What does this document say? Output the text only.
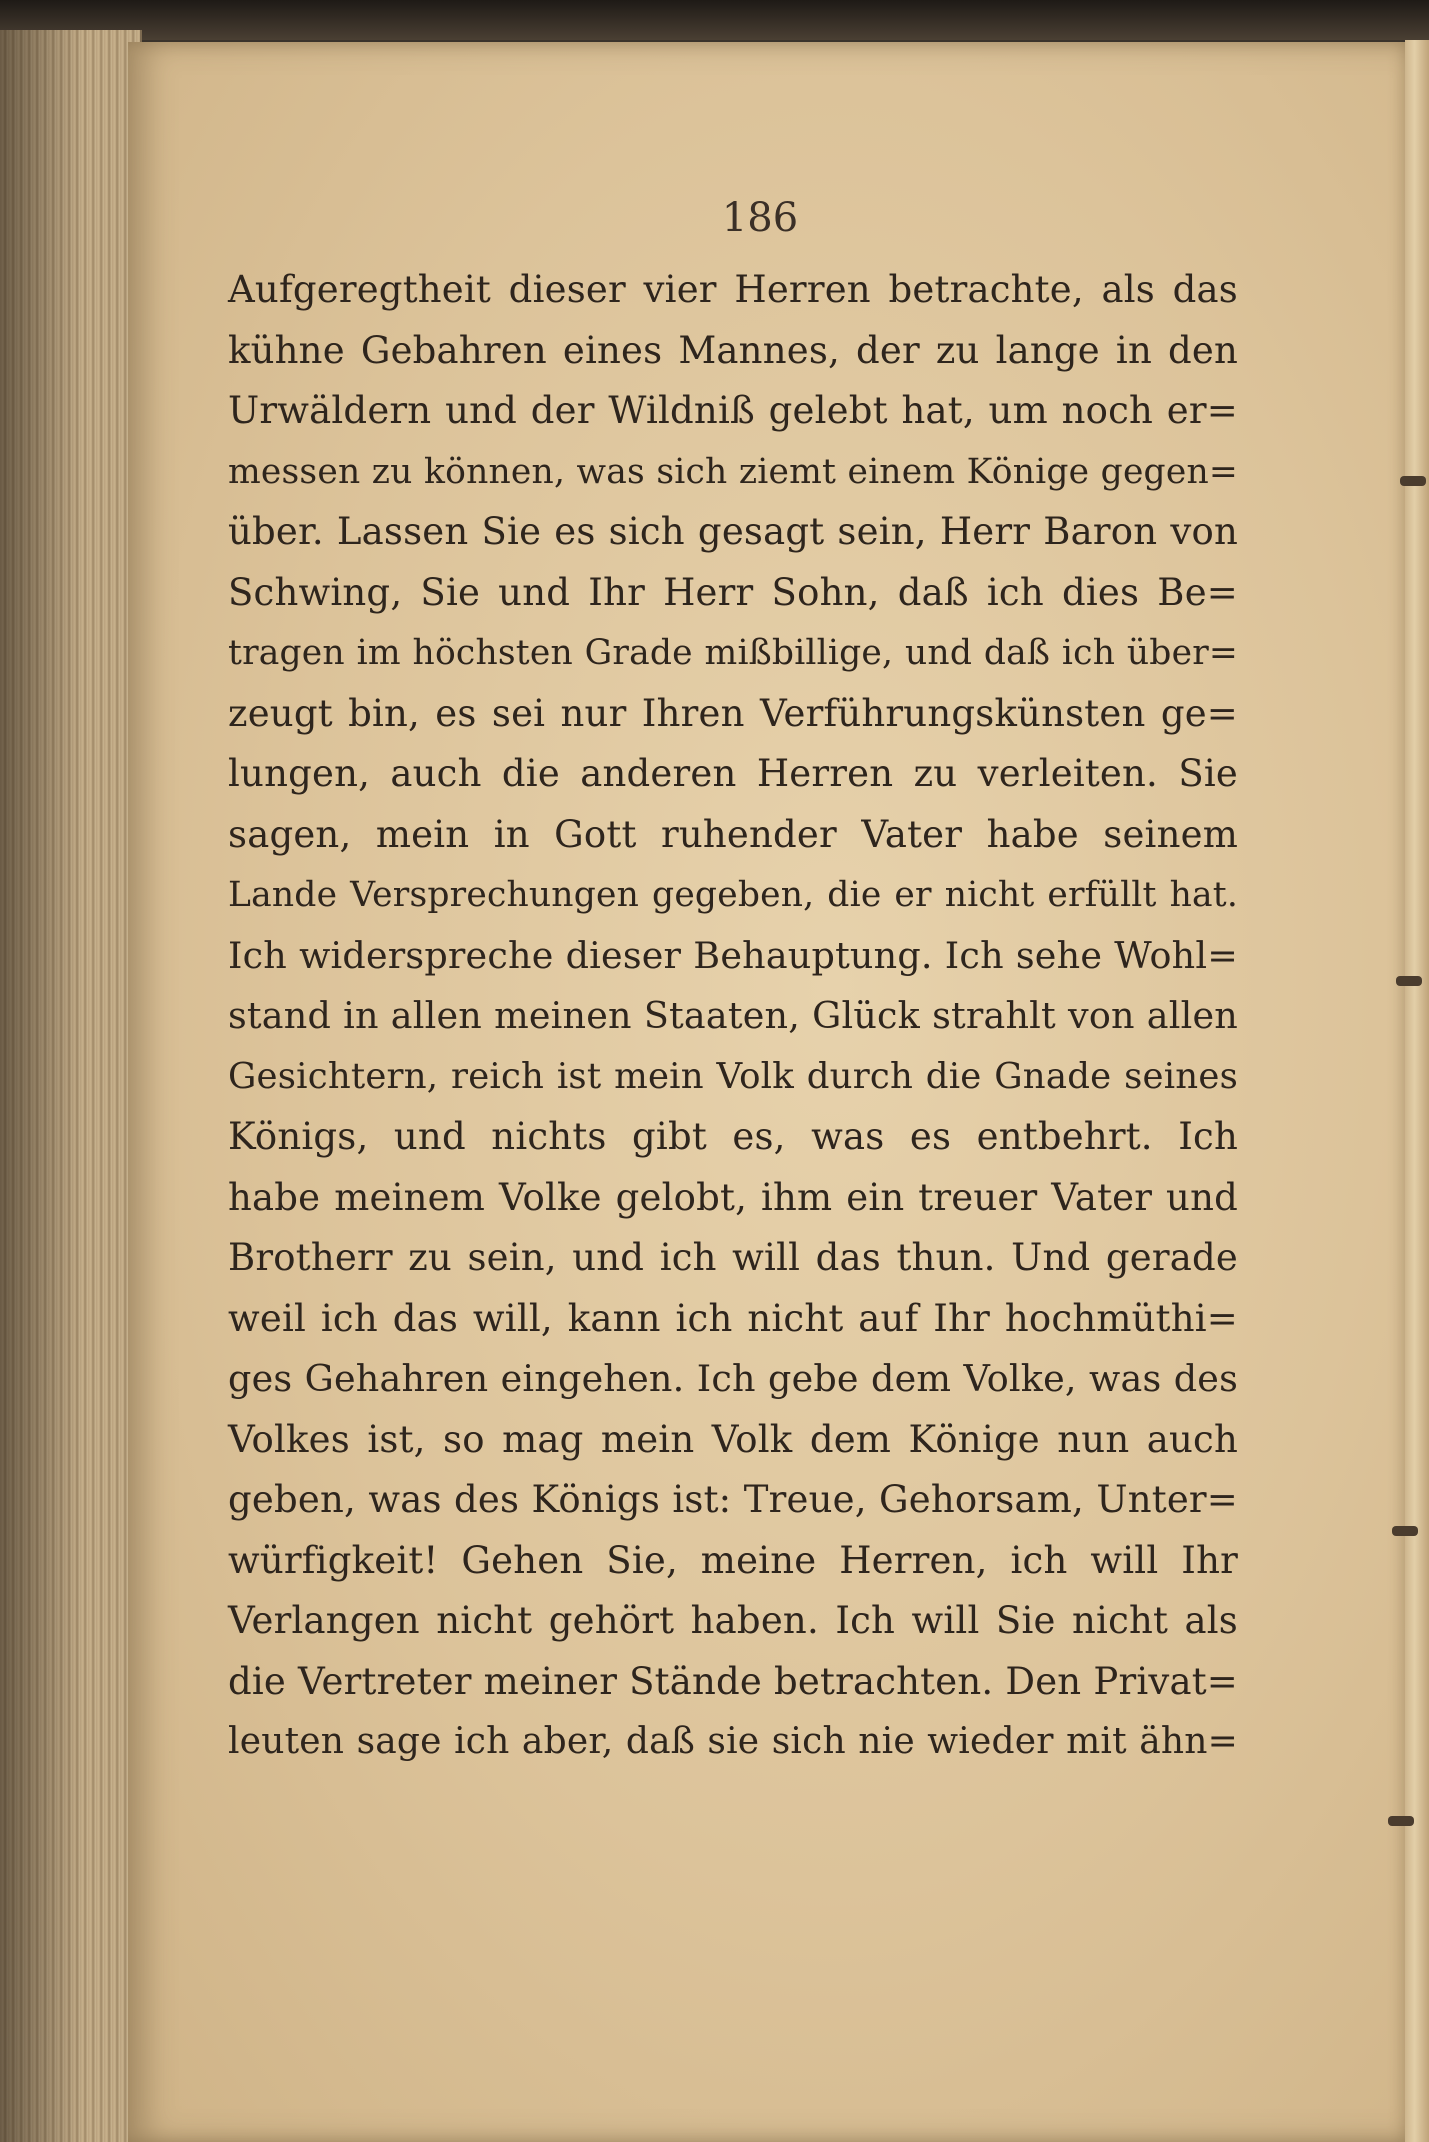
186
Aufgeregtheit dieser vier Herren betrachte, als das
kühne Gebahren eines Mannes, der zu lange in den
Urwäldern und der Wildniß gelebt hat, um noch er=
messen zu können, was sich ziemt einem Könige gegen=
über. Lassen Sie es sich gesagt sein, Herr Baron von
Schwing, Sie und Ihr Herr Sohn, daß ich dies Be=
tragen im höchsten Grade mißbillige, und daß ich über=
zeugt bin, es sei nur Ihren Verführungskünsten ge=
lungen, auch die anderen Herren zu verleiten. Sie
sagen, mein in Gott ruhender Vater habe seinem
Lande Versprechungen gegeben, die er nicht erfüllt hat.
Ich widerspreche dieser Behauptung. Ich sehe Wohl=
stand in allen meinen Staaten, Glück strahlt von allen
Gesichtern, reich ist mein Volk durch die Gnade seines
Königs, und nichts gibt es, was es entbehrt. Ich
habe meinem Volke gelobt, ihm ein treuer Vater und
Brotherr zu sein, und ich will das thun. Und gerade
weil ich das will, kann ich nicht auf Ihr hochmüthi=
ges Gehahren eingehen. Ich gebe dem Volke, was des
Volkes ist, so mag mein Volk dem Könige nun auch
geben, was des Königs ist: Treue, Gehorsam, Unter=
würfigkeit! Gehen Sie, meine Herren, ich will Ihr
Verlangen nicht gehört haben. Ich will Sie nicht als
die Vertreter meiner Stände betrachten. Den Privat=
leuten sage ich aber, daß sie sich nie wieder mit ähn=
